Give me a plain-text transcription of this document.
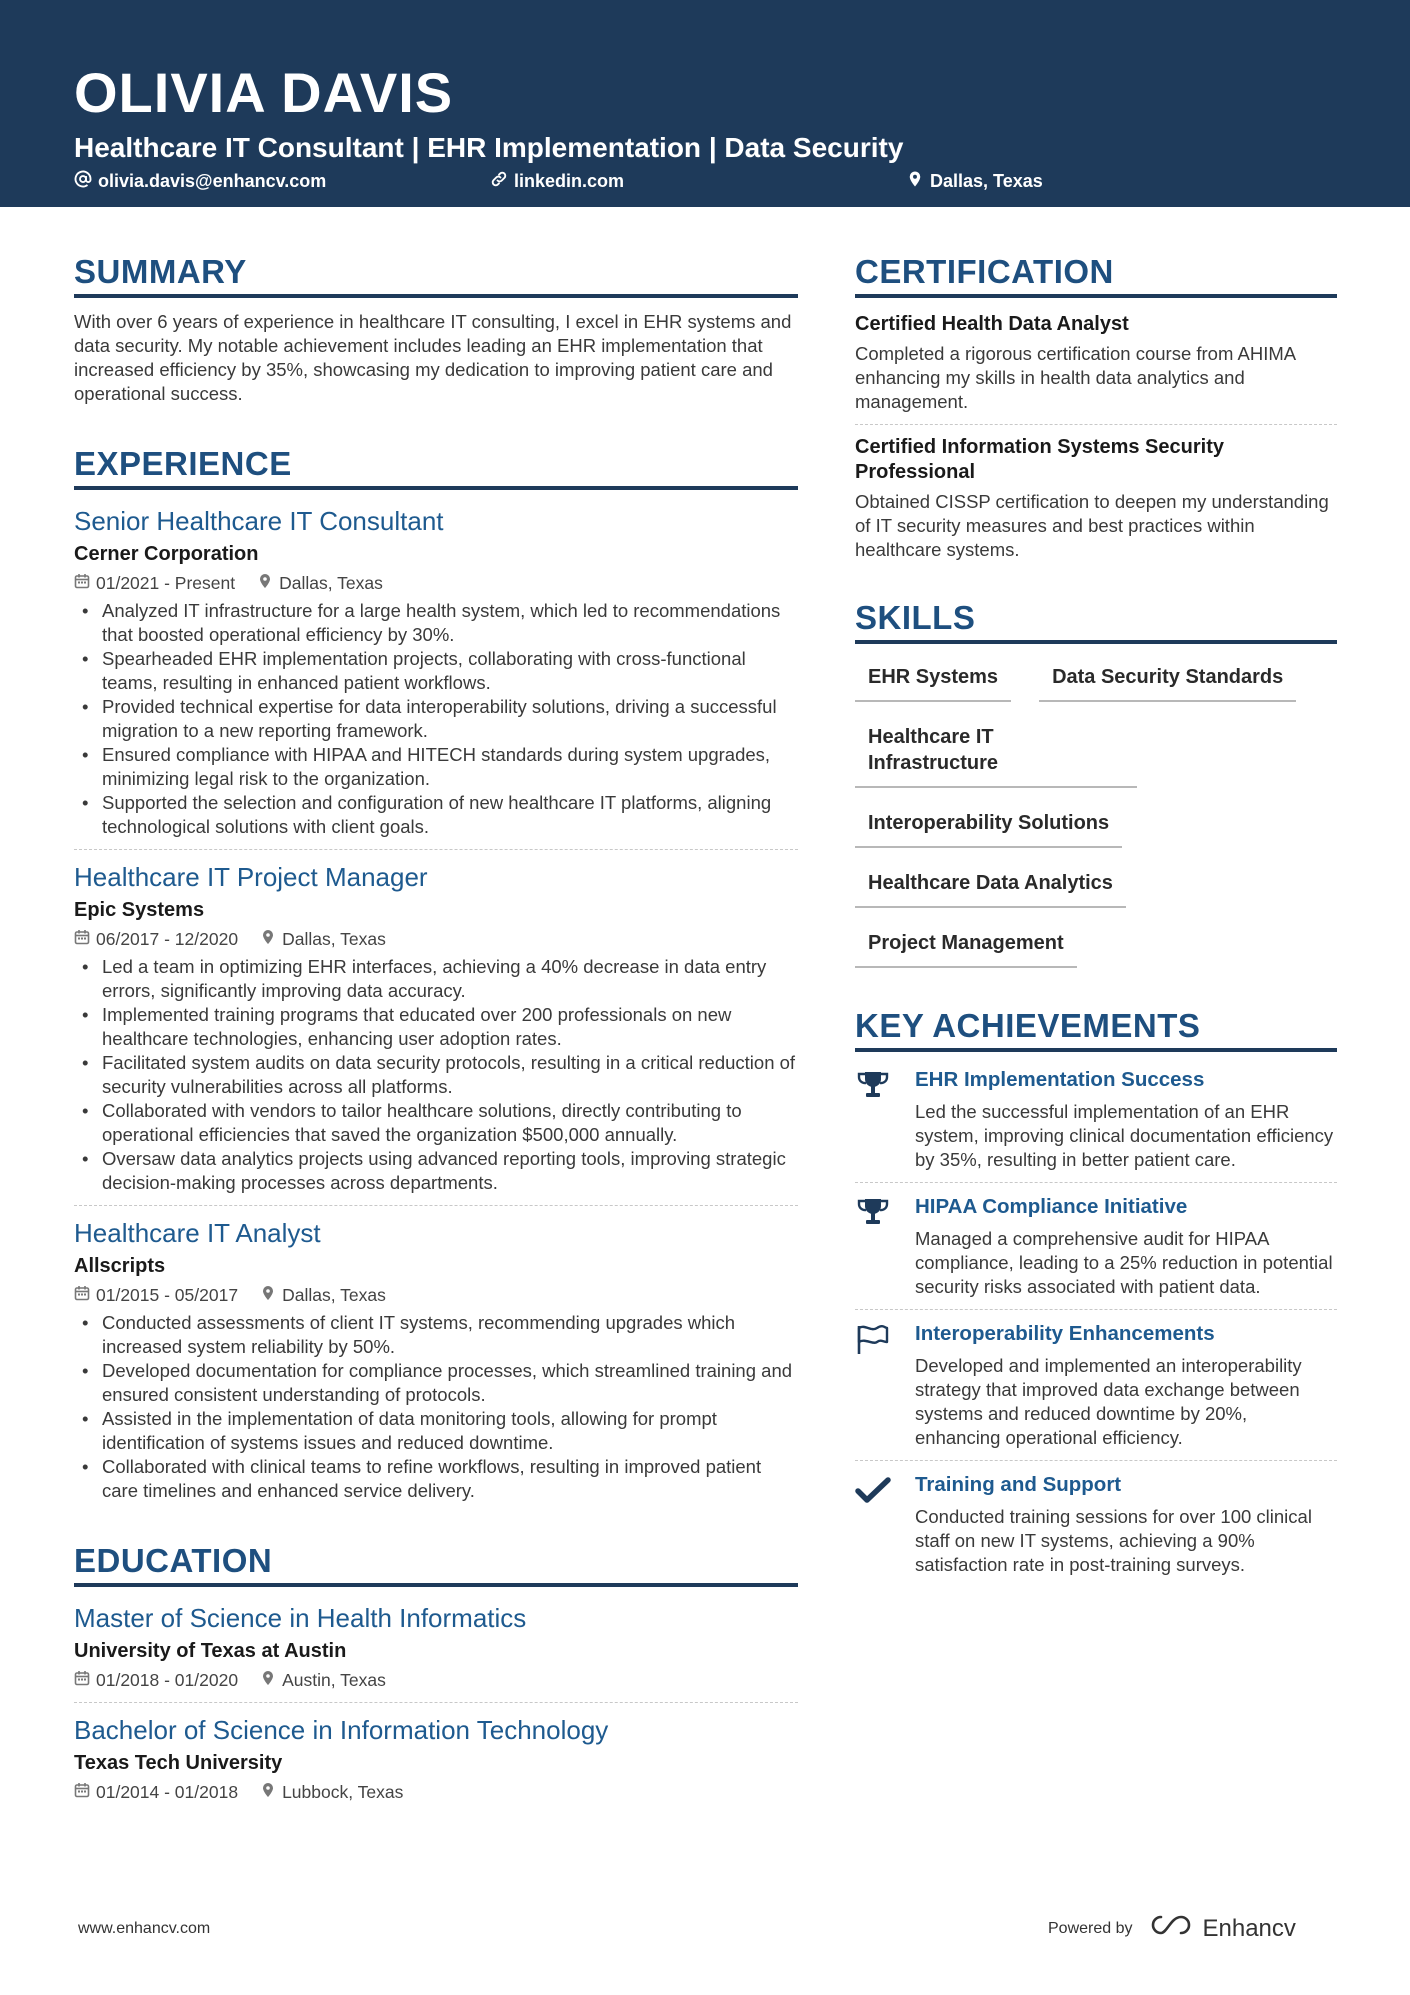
OLIVIA DAVIS
Healthcare IT Consultant | EHR Implementation | Data Security
olivia.davis@enhancv.com	linkedin.com	Dallas, Texas
SUMMARY
With over 6 years of experience in healthcare IT consulting, I excel in EHR systems and data security. My notable achievement includes leading an EHR implementation that increased efficiency by 35%, showcasing my dedication to improving patient care and operational success.
EXPERIENCE
Senior Healthcare IT Consultant
Cerner Corporation
01/2021 - Present	Dallas, Texas
• Analyzed IT infrastructure for a large health system, which led to recommendations that boosted operational efficiency by 30%.
• Spearheaded EHR implementation projects, collaborating with cross-functional teams, resulting in enhanced patient workflows.
• Provided technical expertise for data interoperability solutions, driving a successful migration to a new reporting framework.
• Ensured compliance with HIPAA and HITECH standards during system upgrades, minimizing legal risk to the organization.
• Supported the selection and configuration of new healthcare IT platforms, aligning technological solutions with client goals.
Healthcare IT Project Manager
Epic Systems
06/2017 - 12/2020	Dallas, Texas
• Led a team in optimizing EHR interfaces, achieving a 40% decrease in data entry errors, significantly improving data accuracy.
• Implemented training programs that educated over 200 professionals on new healthcare technologies, enhancing user adoption rates.
• Facilitated system audits on data security protocols, resulting in a critical reduction of security vulnerabilities across all platforms.
• Collaborated with vendors to tailor healthcare solutions, directly contributing to operational efficiencies that saved the organization $500,000 annually.
• Oversaw data analytics projects using advanced reporting tools, improving strategic decision-making processes across departments.
Healthcare IT Analyst
Allscripts
01/2015 - 05/2017	Dallas, Texas
• Conducted assessments of client IT systems, recommending upgrades which increased system reliability by 50%.
• Developed documentation for compliance processes, which streamlined training and ensured consistent understanding of protocols.
• Assisted in the implementation of data monitoring tools, allowing for prompt identification of systems issues and reduced downtime.
• Collaborated with clinical teams to refine workflows, resulting in improved patient care timelines and enhanced service delivery.
EDUCATION
Master of Science in Health Informatics
University of Texas at Austin
01/2018 - 01/2020	Austin, Texas
Bachelor of Science in Information Technology
Texas Tech University
01/2014 - 01/2018	Lubbock, Texas
CERTIFICATION
Certified Health Data Analyst
Completed a rigorous certification course from AHIMA enhancing my skills in health data analytics and management.
Certified Information Systems Security Professional
Obtained CISSP certification to deepen my understanding of IT security measures and best practices within healthcare systems.
SKILLS
EHR Systems	Data Security Standards
Healthcare IT Infrastructure
Interoperability Solutions
Healthcare Data Analytics
Project Management
KEY ACHIEVEMENTS
EHR Implementation Success
Led the successful implementation of an EHR system, improving clinical documentation efficiency by 35%, resulting in better patient care.
HIPAA Compliance Initiative
Managed a comprehensive audit for HIPAA compliance, leading to a 25% reduction in potential security risks associated with patient data.
Interoperability Enhancements
Developed and implemented an interoperability strategy that improved data exchange between systems and reduced downtime by 20%, enhancing operational efficiency.
Training and Support
Conducted training sessions for over 100 clinical staff on new IT systems, achieving a 90% satisfaction rate in post-training surveys.
www.enhancv.com	Powered by	Enhancv
